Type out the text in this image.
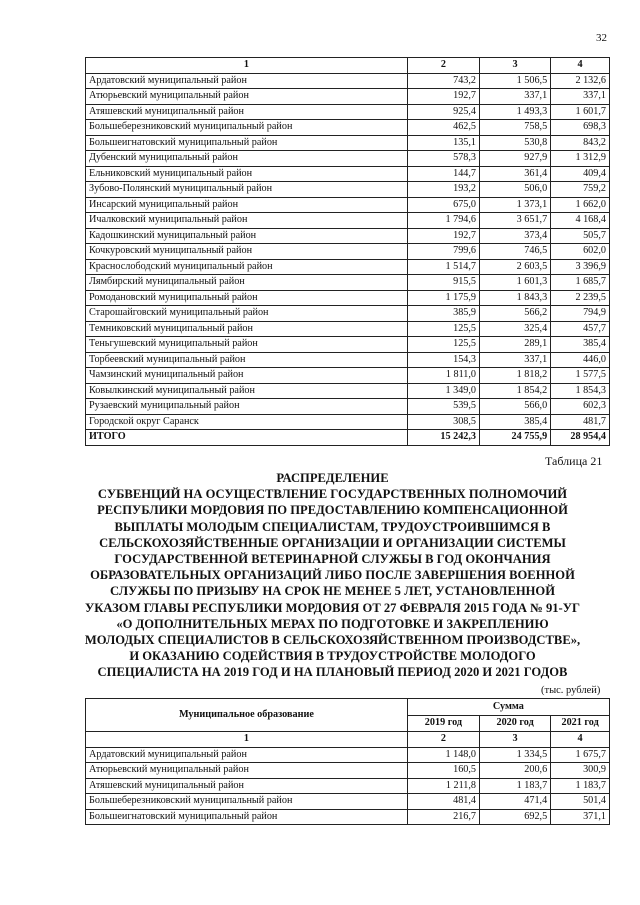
32
1	2	3	4
Ардатовский муниципальный район	743,2	1 506,5	2 132,6
Атюрьевский муниципальный район	192,7	337,1	337,1
Атяшевский муниципальный район	925,4	1 493,3	1 601,7
Большеберезниковский муниципальный район	462,5	758,5	698,3
Большеигнатовский муниципальный район	135,1	530,8	843,2
Дубенский муниципальный район	578,3	927,9	1 312,9
Ельниковский муниципальный район	144,7	361,4	409,4
Зубово-Полянский муниципальный район	193,2	506,0	759,2
Инсарский муниципальный район	675,0	1 373,1	1 662,0
Ичалковский муниципальный район	1 794,6	3 651,7	4 168,4
Кадошкинский муниципальный район	192,7	373,4	505,7
Кочкуровский муниципальный район	799,6	746,5	602,0
Краснослободский муниципальный район	1 514,7	2 603,5	3 396,9
Лямбирский муниципальный район	915,5	1 601,3	1 685,7
Ромодановский муниципальный район	1 175,9	1 843,3	2 239,5
Старошайговский муниципальный район	385,9	566,2	794,9
Темниковский муниципальный район	125,5	325,4	457,7
Теньгушевский муниципальный район	125,5	289,1	385,4
Торбеевский муниципальный район	154,3	337,1	446,0
Чамзинский муниципальный район	1 811,0	1 818,2	1 577,5
Ковылкинский муниципальный район	1 349,0	1 854,2	1 854,3
Рузаевский муниципальный район	539,5	566,0	602,3
Городской округ Саранск	308,5	385,4	481,7
ИТОГО	15 242,3	24 755,9	28 954,4
Таблица 21
РАСПРЕДЕЛЕНИЕ
СУБВЕНЦИЙ НА ОСУЩЕСТВЛЕНИЕ ГОСУДАРСТВЕННЫХ ПОЛНОМОЧИЙ
РЕСПУБЛИКИ МОРДОВИЯ ПО ПРЕДОСТАВЛЕНИЮ КОМПЕНСАЦИОННОЙ
ВЫПЛАТЫ МОЛОДЫМ СПЕЦИАЛИСТАМ, ТРУДОУСТРОИВШИМСЯ В
СЕЛЬСКОХОЗЯЙСТВЕННЫЕ ОРГАНИЗАЦИИ И ОРГАНИЗАЦИИ СИСТЕМЫ
ГОСУДАРСТВЕННОЙ ВЕТЕРИНАРНОЙ СЛУЖБЫ В ГОД ОКОНЧАНИЯ
ОБРАЗОВАТЕЛЬНЫХ ОРГАНИЗАЦИЙ ЛИБО ПОСЛЕ ЗАВЕРШЕНИЯ ВОЕННОЙ
СЛУЖБЫ ПО ПРИЗЫВУ НА СРОК НЕ МЕНЕЕ 5 ЛЕТ, УСТАНОВЛЕННОЙ
УКАЗОМ ГЛАВЫ РЕСПУБЛИКИ МОРДОВИЯ ОТ 27 ФЕВРАЛЯ 2015 ГОДА № 91-УГ
«О ДОПОЛНИТЕЛЬНЫХ МЕРАХ ПО ПОДГОТОВКЕ И ЗАКРЕПЛЕНИЮ
МОЛОДЫХ СПЕЦИАЛИСТОВ В СЕЛЬСКОХОЗЯЙСТВЕННОМ ПРОИЗВОДСТВЕ»,
И ОКАЗАНИЮ СОДЕЙСТВИЯ В ТРУДОУСТРОЙСТВЕ МОЛОДОГО
СПЕЦИАЛИСТА НА 2019 ГОД И НА ПЛАНОВЫЙ ПЕРИОД 2020 И 2021 ГОДОВ
(тыс. рублей)
Муниципальное образование	Сумма		
	2019 год	2020 год	2021 год
1	2	3	4
Ардатовский муниципальный район	1 148,0	1 334,5	1 675,7
Атюрьевский муниципальный район	160,5	200,6	300,9
Атяшевский муниципальный район	1 211,8	1 183,7	1 183,7
Большеберезниковский муниципальный район	481,4	471,4	501,4
Большеигнатовский муниципальный район	216,7	692,5	371,1
